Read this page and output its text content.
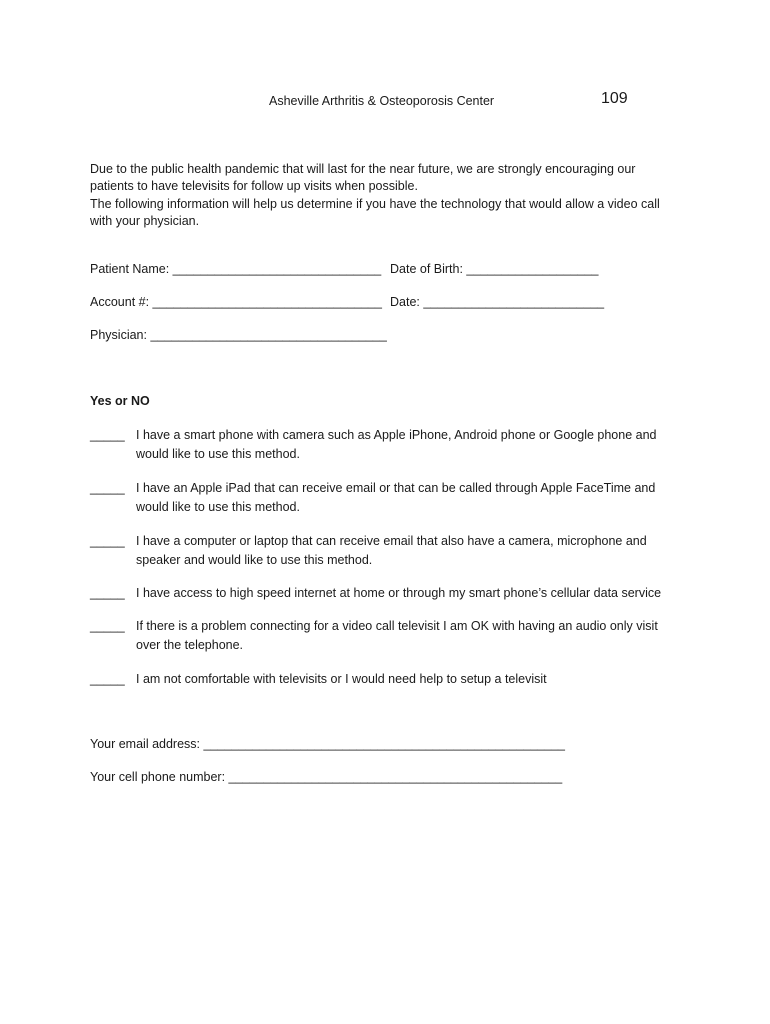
Asheville Arthritis & Osteoporosis Center	109

Due to the public health pandemic that will last for the near future, we are strongly encouraging our patients to have televisits for follow up visits when possible.

The following information will help us determine if you have the technology that would allow a video call with your physician.

Patient Name: ______________________________ Date of Birth: ___________________
Account #: _________________________________ Date: __________________________
Physician: __________________________________
Yes or NO
_____ I have a smart phone with camera such as Apple iPhone, Android phone or Google phone and would like to use this method.
_____ I have an Apple iPad that can receive email or that can be called through Apple FaceTime and would like to use this method.
_____ I have a computer or laptop that can receive email that also have a camera, microphone and speaker and would like to use this method.
_____ I have access to high speed internet at home or through my smart phone’s cellular data service
_____ If there is a problem connecting for a video call televisit I am OK with having an audio only visit over the telephone.
_____ I am not comfortable with televisits or I would need help to setup a televisit
Your email address: ____________________________________________________
Your cell phone number: ________________________________________________
